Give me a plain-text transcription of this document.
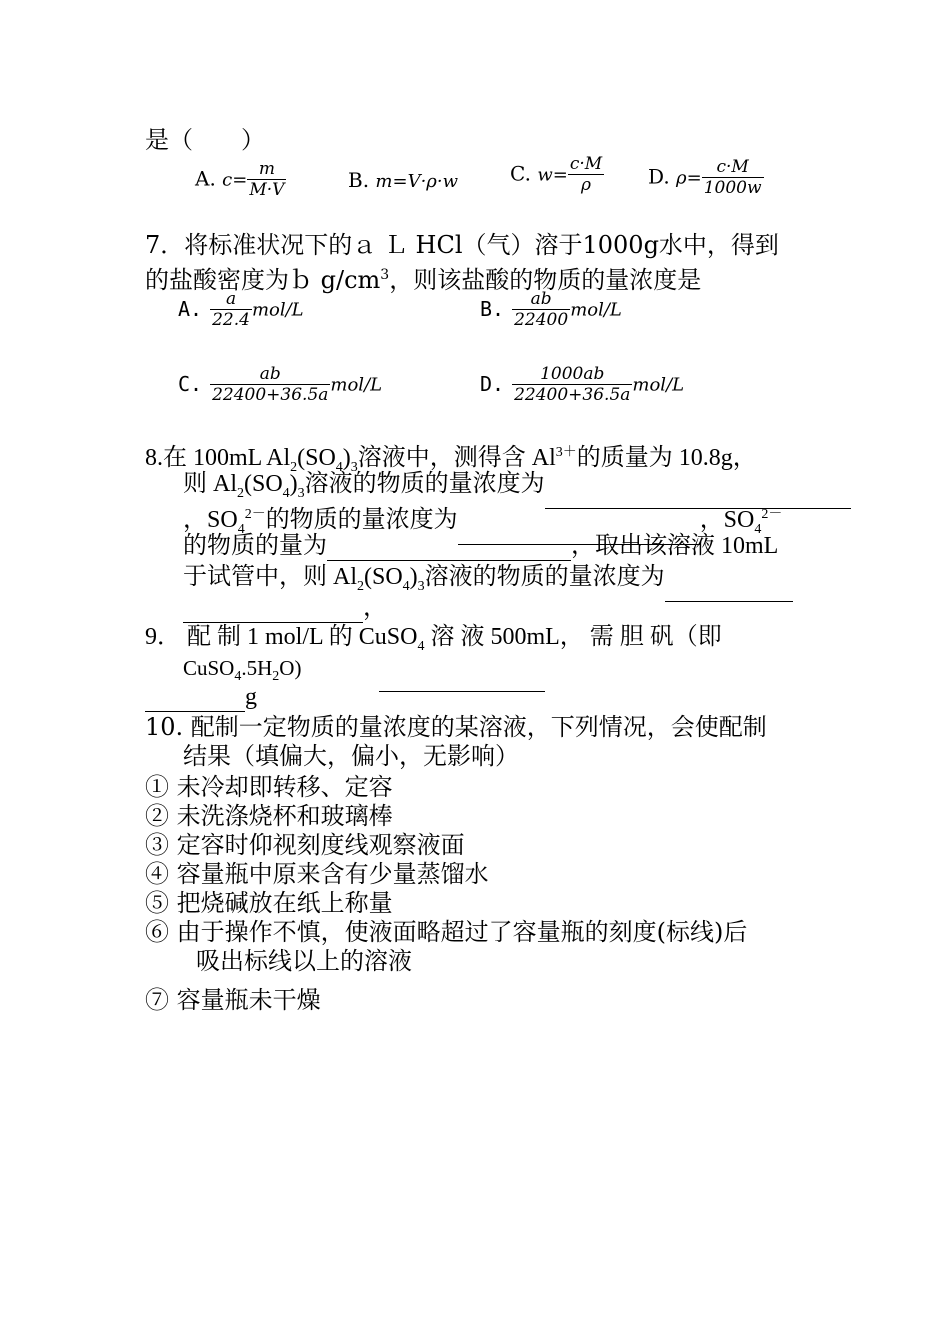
是（　　）
A. $c= \frac{m}{M\cdot V}$	B. m=V·ρ·w	C. $w= \frac{c\cdot M}{\rho} D$. $\rho= \frac{c\cdot M}{1000w}$
7．将标准状况下的ａ Ｌ HCl（气）溶于1000g水中，得到
的盐酸密度为ｂ $g/cm^3$，则该盐酸的物质的量浓度是
A. $\frac{a}{22.4} mol/L$	B. $\frac{ab}{22400} mol/L$
C. $\frac{ab}{22400+36.5a} mol/L$	D. $\frac{1000ab}{22400+36.5a} mol/L$
8.在 100mL $Al_2(SO_4)_3$溶液中，测得含 $Al^{3+}$的质量为 10.8g，
则 $Al_2(SO_4)_3$溶液的物质的量浓度为
，$SO_4^{2-}$的物质的量浓度为	，$SO_4^{2-}$
的物质的量为	，取出该溶液 10mL
于试管中，则 $Al_2(SO_4)_3$溶液的物质的量浓度为
，
9． 配 制 1 mol/L 的 CuSO$_4$ 溶 液 500mL， 需 胆 矾（即
$CuSO_4.5H_2O$)
g
10. 配制一定物质的量浓度的某溶液，下列情况，会使配制
结果（填偏大，偏小，无影响）
① 未冷却即转移、定容
② 未洗涤烧杯和玻璃棒
③ 定容时仰视刻度线观察液面
④ 容量瓶中原来含有少量蒸馏水
⑤ 把烧碱放在纸上称量
⑥ 由于操作不慎，使液面略超过了容量瓶的刻度(标线)后
吸出标线以上的溶液
⑦ 容量瓶未干燥
